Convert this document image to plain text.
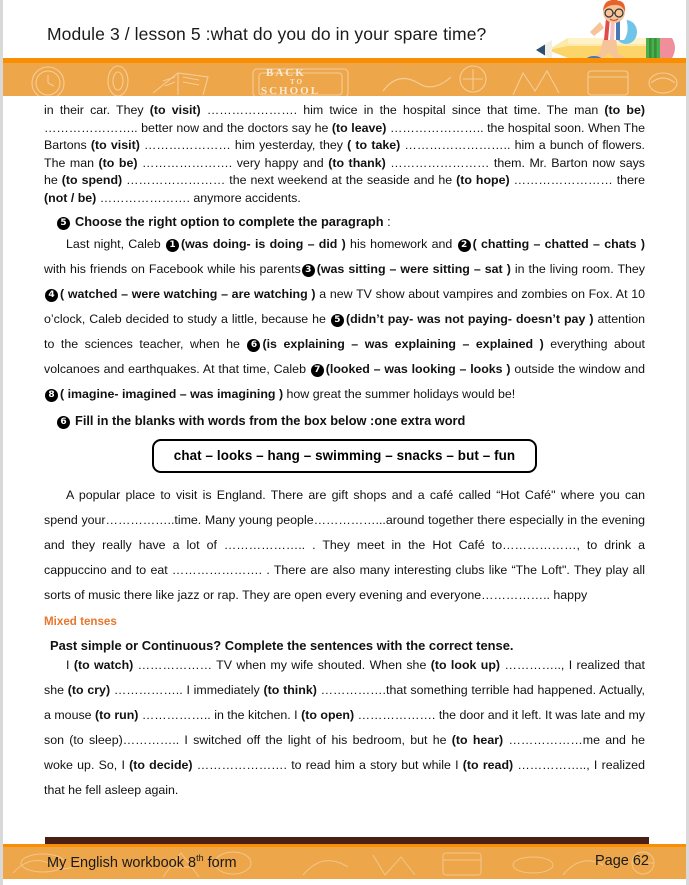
Module 3 / lesson 5 :what do you do in your spare time?
BACK
TO
SCHOOL

in their car. They (to visit) …………………. him twice in the hospital since that time. The man (to be) ………………….. better now and the doctors say he (to leave) ………………….. the hospital soon. When The Bartons (to visit) ………………… him yesterday, they ( to take) …………………….. him a bunch of flowers. The man (to be) …………………. very happy and (to thank) …………………… them. Mr. Barton now says he (to spend) …………………… the next weekend at the seaside and he (to hope) …………………… there (not / be) …………………. anymore accidents.

5 Choose the right option to complete the paragraph :

Last night, Caleb 1 (was doing- is doing – did ) his homework and 2 ( chatting – chatted – chats ) with his friends on Facebook while his parents 3 (was sitting – were sitting – sat ) in the living room. They 4 ( watched – were watching – are watching ) a new TV show about vampires and zombies on Fox. At 10 o’clock, Caleb decided to study a little, because he 5 (didn’t pay- was not paying- doesn’t pay ) attention to the sciences teacher, when he 6 (is explaining – was explaining – explained ) everything about volcanoes and earthquakes. At that time, Caleb 7 (looked – was looking – looks ) outside the window and 8 ( imagine- imagined – was imagining ) how great the summer holidays would be!

6 Fill in the blanks with words from the box below :one extra word
chat – looks – hang – swimming – snacks – but – fun

A popular place to visit is England. There are gift shops and a café called “Hot Café" where you can spend your……………..time. Many young people……………...around together there especially in the evening and they really have a lot of ……………….. . They meet in the Hot Café to………………, to drink a cappuccino and to eat …………………. . There are also many interesting clubs like “The Loft". They play all sorts of music there like jazz or rap. They are open every evening and everyone…………….. happy

Mixed tenses
Past simple or Continuous? Complete the sentences with the correct tense.

I (to watch) ……………… TV when my wife shouted. When she (to look up) ………….., I realized that she (to cry) …………….. I immediately (to think) …………….that something terrible had happened. Actually, a mouse (to run) …………….. in the kitchen. I (to open) ………………. the door and it left. It was late and my son (to sleep)………….. I switched off the light of his bedroom, but he (to hear) ………………me and he woke up. So, I (to decide) …………………. to read him a story but while I (to read) …………….., I realized that he fell asleep again.

My English workbook 8th form	Page 62
